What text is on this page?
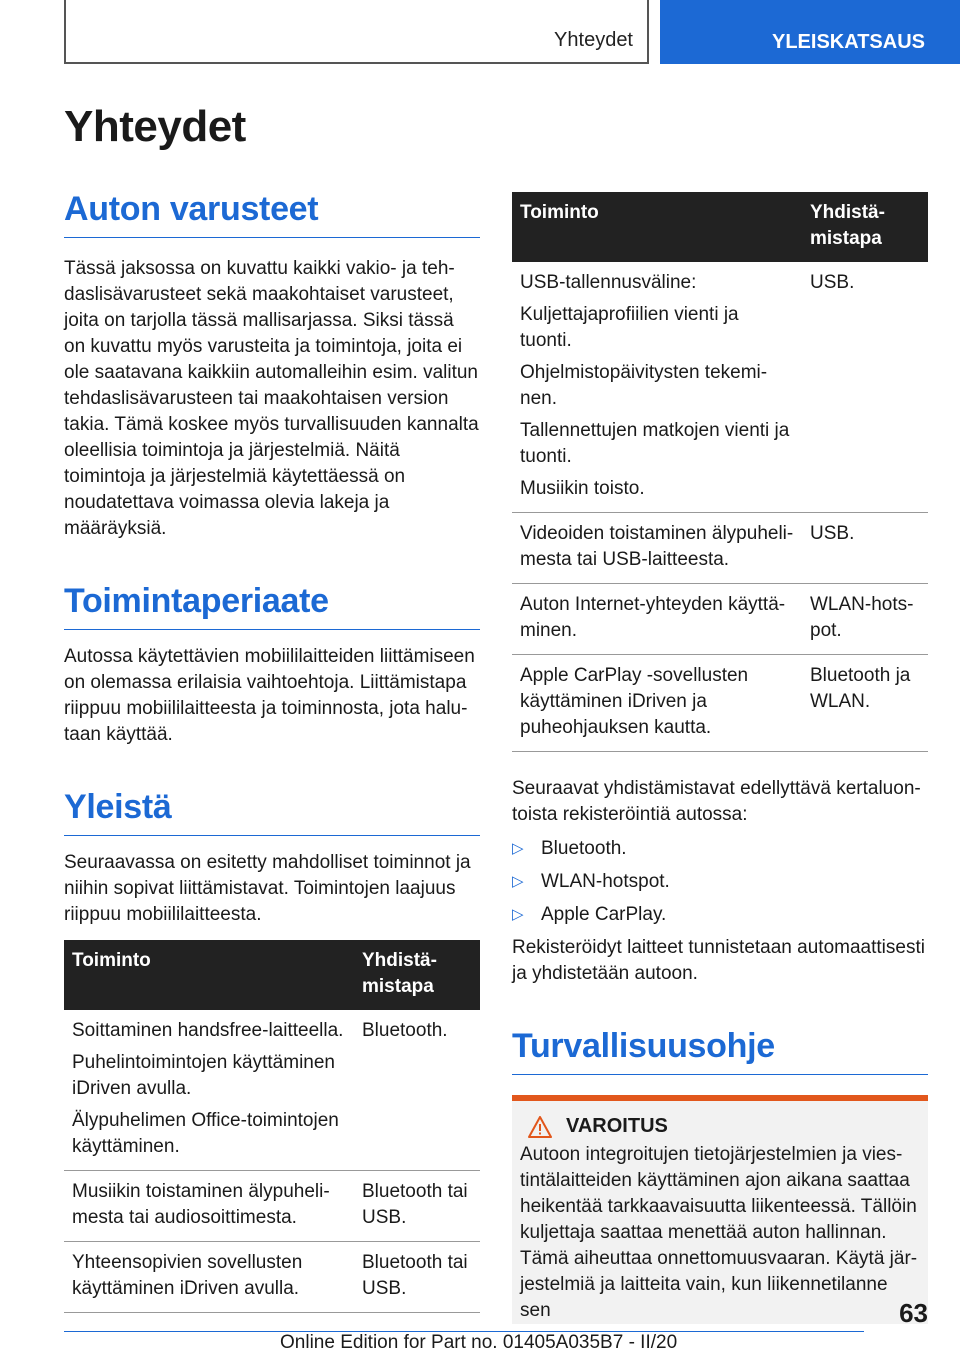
Yhteydet	YLEISKATSAUS
Yhteydet
Auton varusteet

Tässä jaksossa on kuvattu kaikki vakio- ja tehdaslisävarusteet sekä maakohtaiset varusteet, joita on tarjolla tässä mallisarjassa. Siksi tässä on kuvattu myös varusteita ja toimintoja, joita ei ole saatavana kaikkiin automalleihin esim. valitun tehdaslisävarusteen tai maakohtaisen version takia. Tämä koskee myös turvallisuuden kannalta oleellisia toimintoja ja järjestelmiä. Näitä toimintoja ja järjestelmiä käytettäessä on noudatettava voimassa olevia lakeja ja määräyksiä.

Toimintaperiaate

Autossa käytettävien mobiililaitteiden liittämiseen on olemassa erilaisia vaihtoehtoja. Liittämistapa riippuu mobiililaitteesta ja toiminnosta, jota halutaan käyttää.

Yleistä

Seuraavassa on esitetty mahdolliset toiminnot ja niihin sopivat liittämistavat. Toimintojen laajuus riippuu mobiililaitteesta.

Toiminto	Yhdistämistapa

Soittaminen handsfree-laitteella.
Puhelintoimintojen käyttäminen iDriven avulla.
Älypuhelimen Office-toimintojen käyttäminen.	Bluetooth.

Musiikin toistaminen älypuhelimesta tai audiosoittimesta.	Bluetooth tai USB.

Yhteensopivien sovellusten käyttäminen iDriven avulla.	Bluetooth tai USB.
Toiminto	Yhdistämistapa

USB-tallennusväline:
Kuljettajaprofiilien vienti ja tuonti.
Ohjelmistopäivitysten tekeminen.
Tallennettujen matkojen vienti ja tuonti.
Musiikin toisto.	USB.

Videoiden toistaminen älypuhelimesta tai USB-laitteesta.	USB.

Auton Internet-yhteyden käyttäminen.	WLAN-hotspot.

Apple CarPlay -sovellusten käyttäminen iDriven ja puheohjauksen kautta.	Bluetooth ja WLAN.

Seuraavat yhdistämistavat edellyttävä kertaluontoista rekisteröintiä autossa:

▷ Bluetooth.
▷ WLAN-hotspot.
▷ Apple CarPlay.

Rekisteröidyt laitteet tunnistetaan automaattisesti ja yhdistetään autoon.

Turvallisuusohje
VAROITUS

Autoon integroitujen tietojärjestelmien ja viestintälaitteiden käyttäminen ajon aikana saattaa heikentää tarkkaavaisuutta liikenteessä. Tällöin kuljettaja saattaa menettää auton hallinnan. Tämä aiheuttaa onnettomuusvaaran. Käytä järjestelmiä ja laitteita vain, kun liikennetilanne sen	63
Online Edition for Part no. 01405A035B7 - II/20
